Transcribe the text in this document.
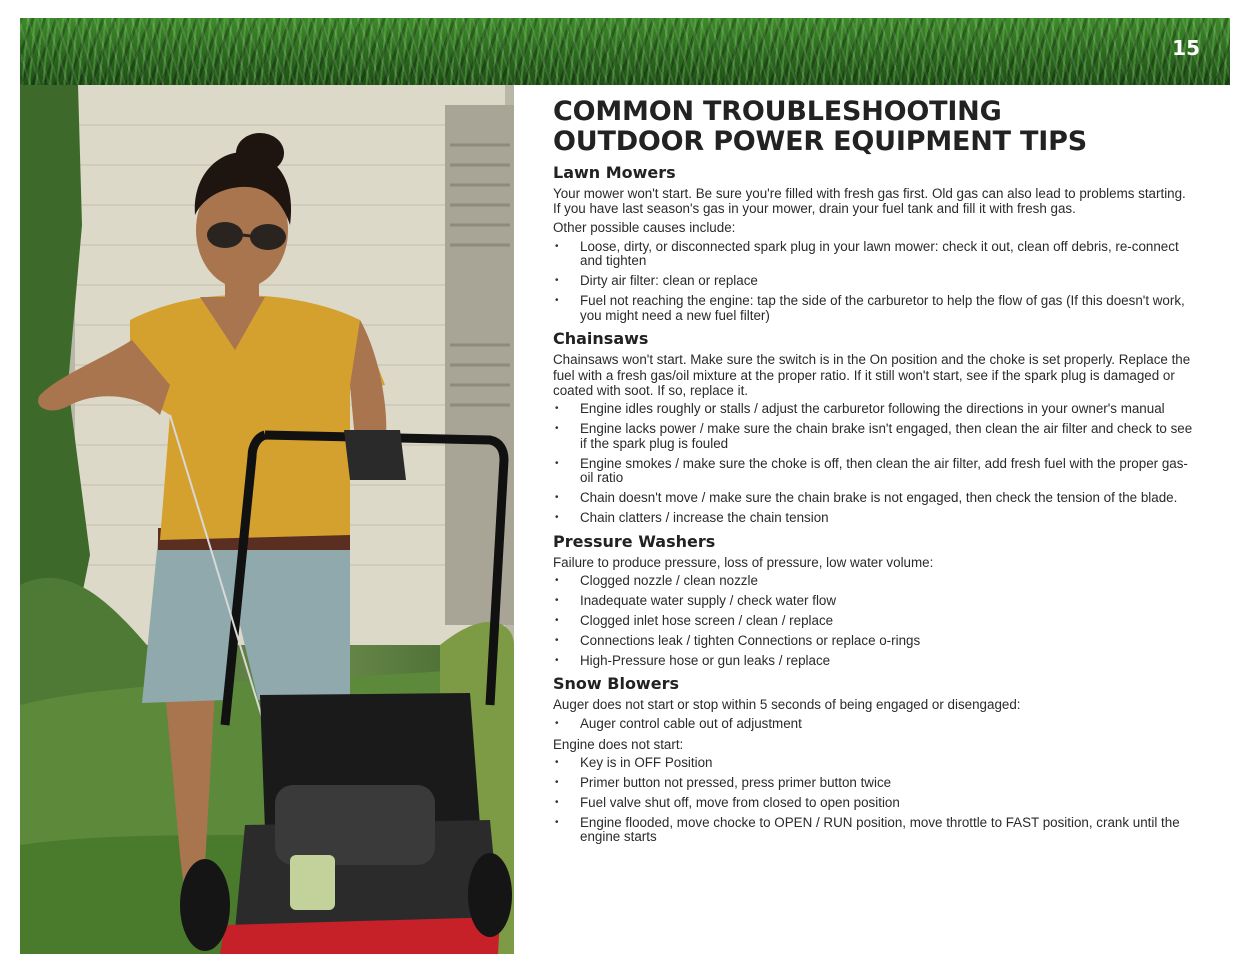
15
COMMON TROUBLESHOOTING OUTDOOR POWER EQUIPMENT TIPS
Lawn Mowers

Your mower won't start. Be sure you're filled with fresh gas first. Old gas can also lead to problems starting. If you have last season's gas in your mower, drain your fuel tank and fill it with fresh gas.

Other possible causes include:

• Loose, dirty, or disconnected spark plug in your lawn mower: check it out, clean off debris, re-connect and tighten
• Dirty air filter: clean or replace
• Fuel not reaching the engine: tap the side of the carburetor to help the flow of gas (If this doesn't work, you might need a new fuel filter)
Chainsaws

Chainsaws won't start. Make sure the switch is in the On position and the choke is set properly. Replace the fuel with a fresh gas/oil mixture at the proper ratio. If it still won't start, see if the spark plug is damaged or coated with soot. If so, replace it.

• Engine idles roughly or stalls / adjust the carburetor following the directions in your owner's manual
• Engine lacks power / make sure the chain brake isn't engaged, then clean the air filter and check to see if the spark plug is fouled
• Engine smokes / make sure the choke is off, then clean the air filter, add fresh fuel with the proper gas-oil ratio
• Chain doesn't move / make sure the chain brake is not engaged, then check the tension of the blade.
• Chain clatters / increase the chain tension
Pressure Washers

Failure to produce pressure, loss of pressure, low water volume:

• Clogged nozzle / clean nozzle
• Inadequate water supply / check water flow
• Clogged inlet hose screen / clean / replace
• Connections leak / tighten Connections or replace o-rings
• High-Pressure hose or gun leaks / replace
Snow Blowers

Auger does not start or stop within 5 seconds of being engaged or disengaged:

• Auger control cable out of adjustment

Engine does not start:

• Key is in OFF Position
• Primer button not pressed, press primer button twice
• Fuel valve shut off, move from closed to open position
• Engine flooded, move chocke to OPEN / RUN position, move throttle to FAST position, crank until the engine starts
